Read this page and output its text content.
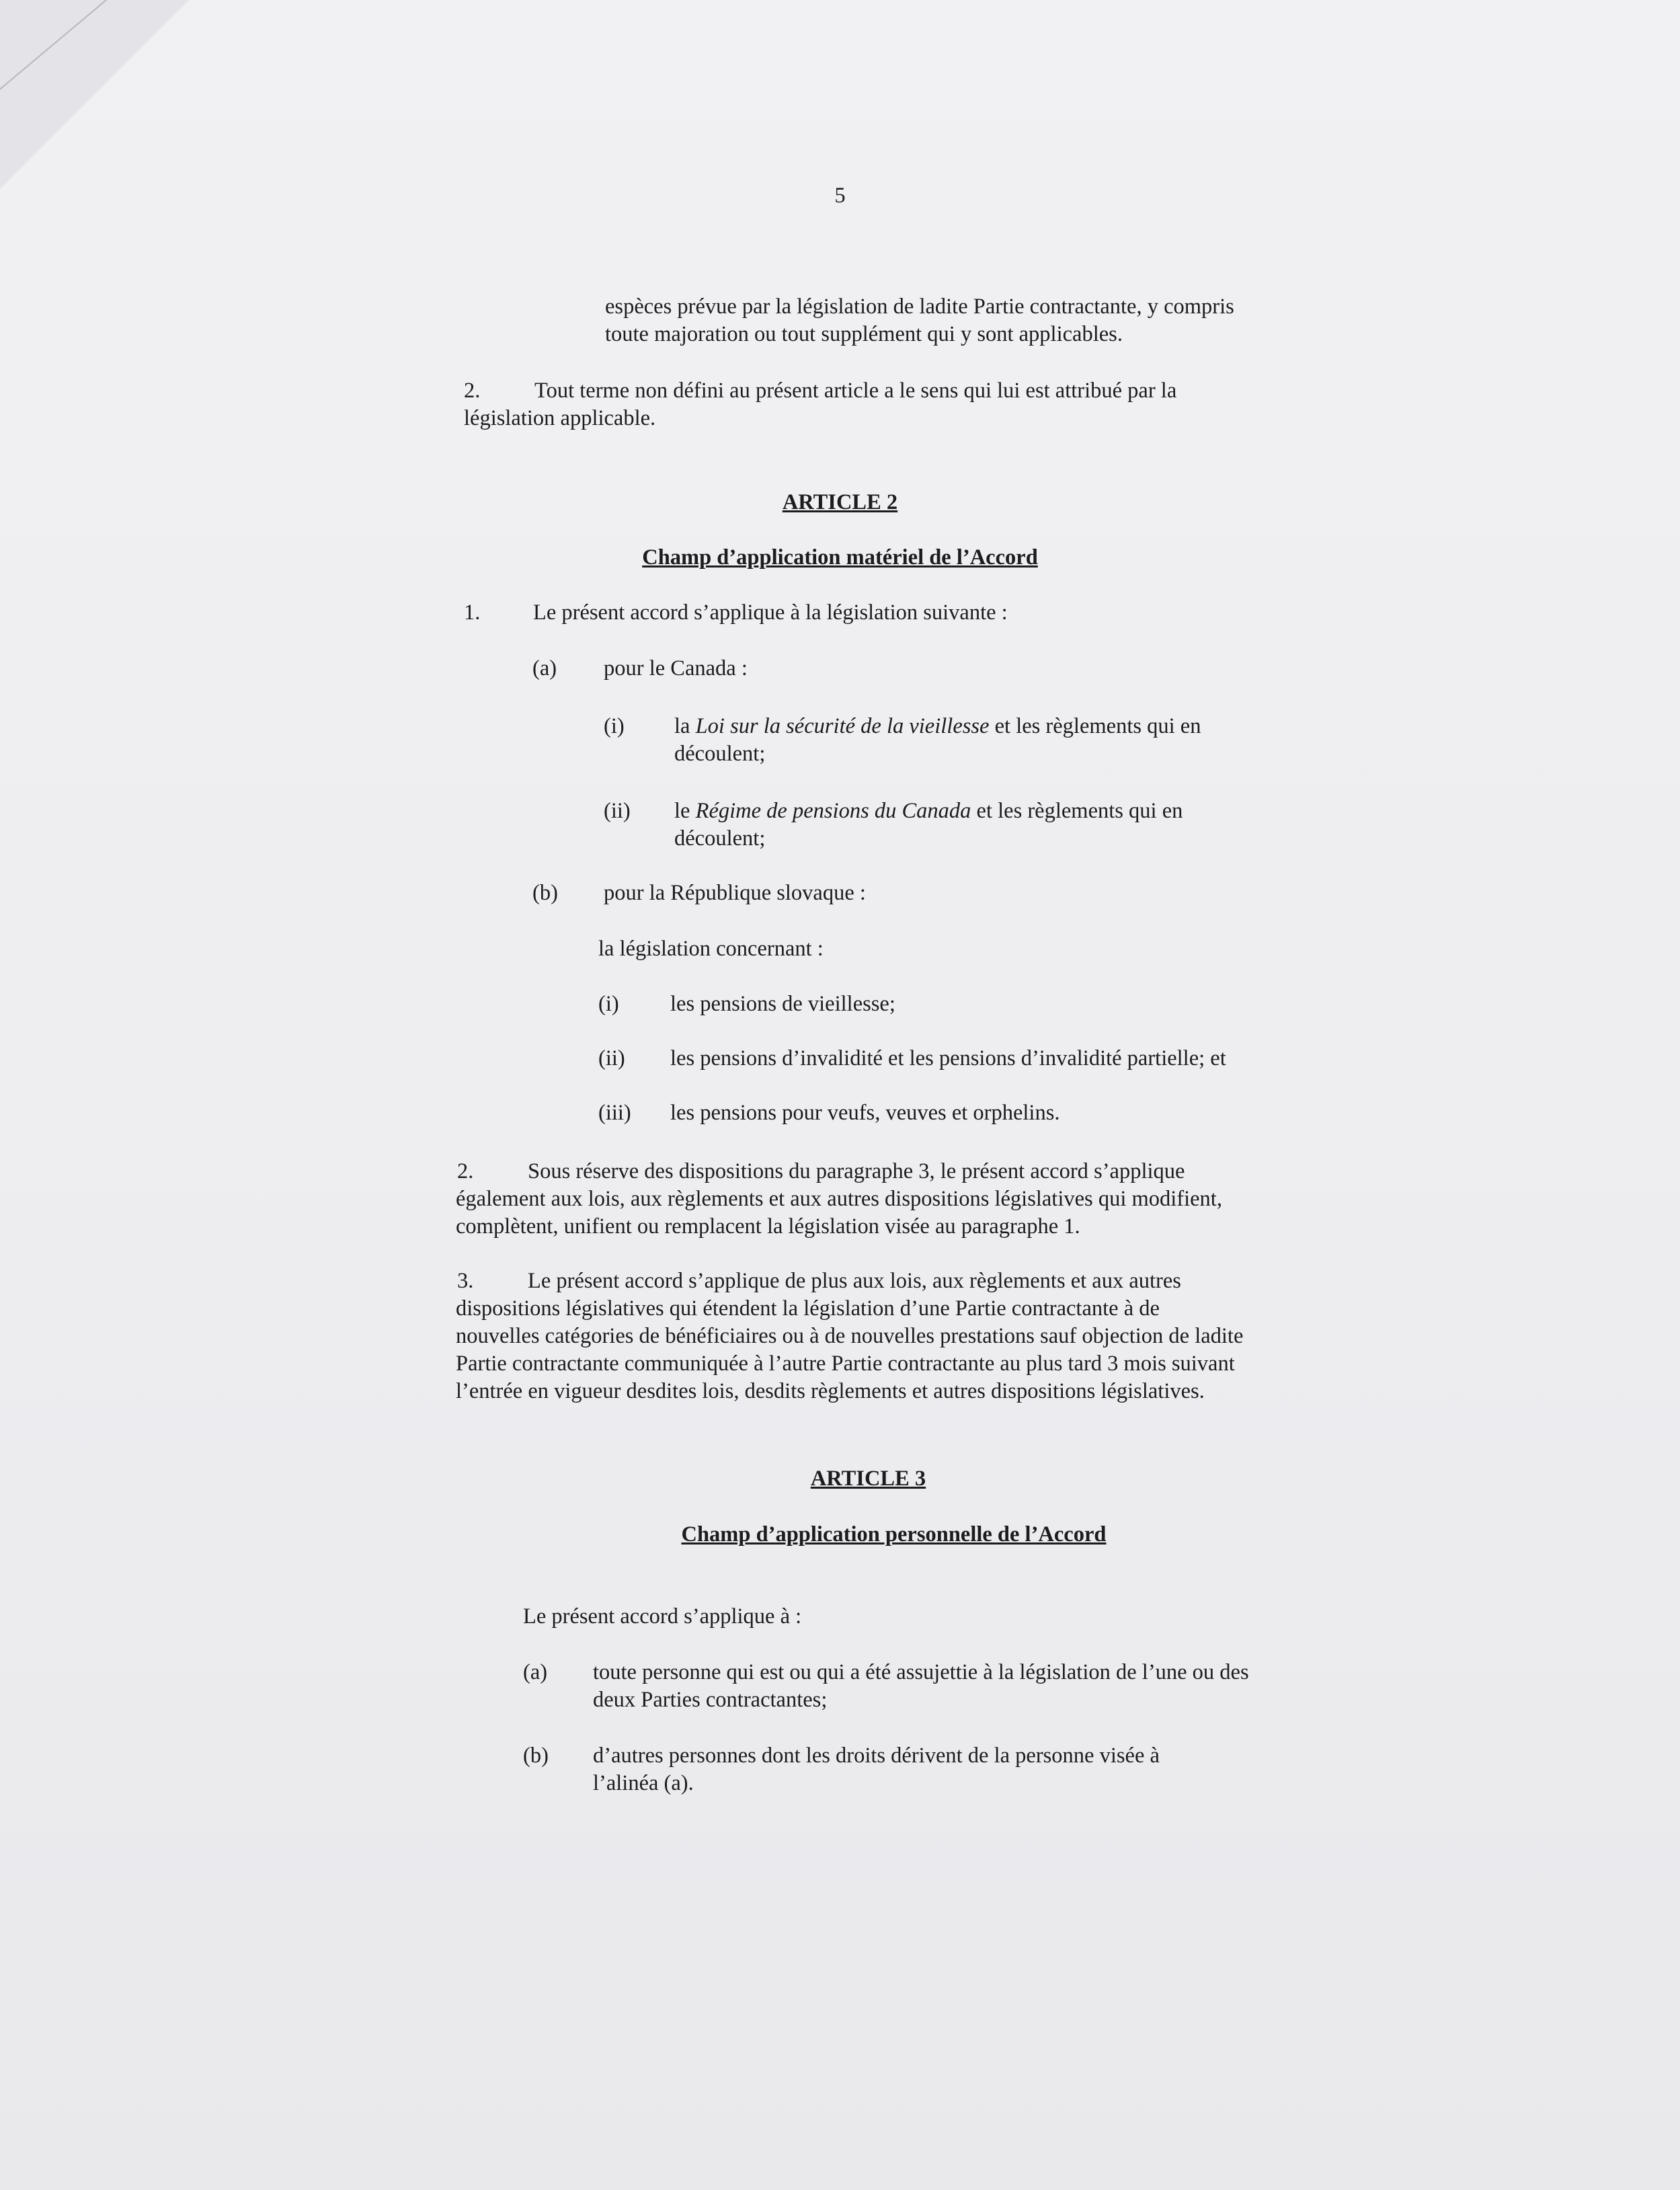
5

espèces prévue par la législation de ladite Partie contractante, y compris

toute majoration ou tout supplément qui y sont applicables.

2. Tout terme non défini au présent article a le sens qui lui est attribué par la

législation applicable.

ARTICLE 2

Champ d’application matériel de l’Accord

1. Le présent accord s’applique à la législation suivante :

(a) pour le Canada :

(i) la Loi sur la sécurité de la vieillesse et les règlements qui en

découlent;

(ii) le Régime de pensions du Canada et les règlements qui en

découlent;

(b) pour la République slovaque :

la législation concernant :

(i) les pensions de vieillesse;

(ii) les pensions d’invalidité et les pensions d’invalidité partielle; et

(iii) les pensions pour veufs, veuves et orphelins.

2. Sous réserve des dispositions du paragraphe 3, le présent accord s’applique

également aux lois, aux règlements et aux autres dispositions législatives qui modifient,

complètent, unifient ou remplacent la législation visée au paragraphe 1.

3. Le présent accord s’applique de plus aux lois, aux règlements et aux autres

dispositions législatives qui étendent la législation d’une Partie contractante à de

nouvelles catégories de bénéficiaires ou à de nouvelles prestations sauf objection de ladite

Partie contractante communiquée à l’autre Partie contractante au plus tard 3 mois suivant

l’entrée en vigueur desdites lois, desdits règlements et autres dispositions législatives.

ARTICLE 3

Champ d’application personnelle de l’Accord

Le présent accord s’applique à :

(a) toute personne qui est ou qui a été assujettie à la législation de l’une ou des

deux Parties contractantes;

(b) d’autres personnes dont les droits dérivent de la personne visée à

l’alinéa (a).
